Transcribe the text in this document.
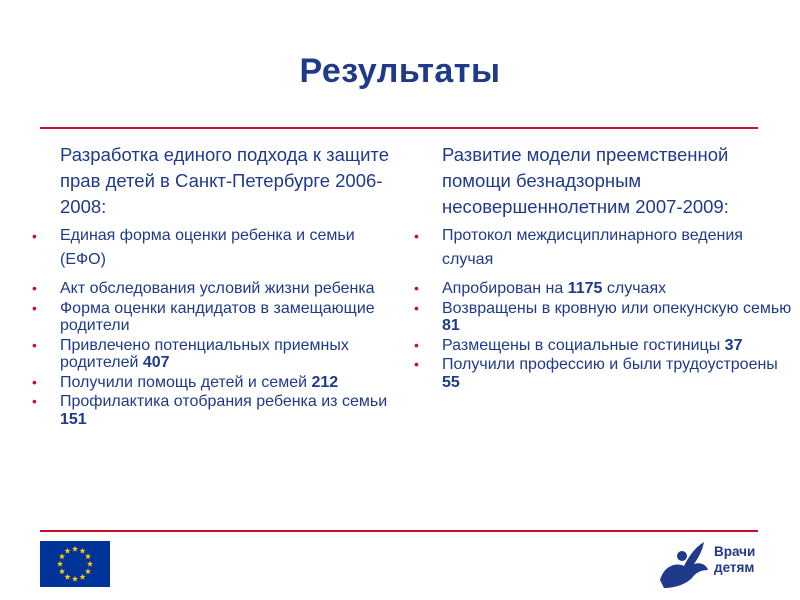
Результаты
Разработка единого подхода к защите прав детей в Санкт-Петербурге 2006-2008:
• Единая форма оценки ребенка и семьи (ЕФО)
• Акт обследования условий жизни ребенка
• Форма оценки кандидатов в замещающие родители
• Привлечено потенциальных приемных родителей 407
• Получили помощь детей и семей 212
• Профилактика отобрания ребенка из семьи 151
Развитие модели преемственной помощи безнадзорным несовершеннолетним 2007-2009:
• Протокол междисциплинарного ведения случая
• Апробирован на 1175 случаях
• Возвращены в кровную или опекунскую семью 81
• Размещены в социальные гостиницы 37
• Получили профессию и были трудоустроены 55
Врачи
детям
